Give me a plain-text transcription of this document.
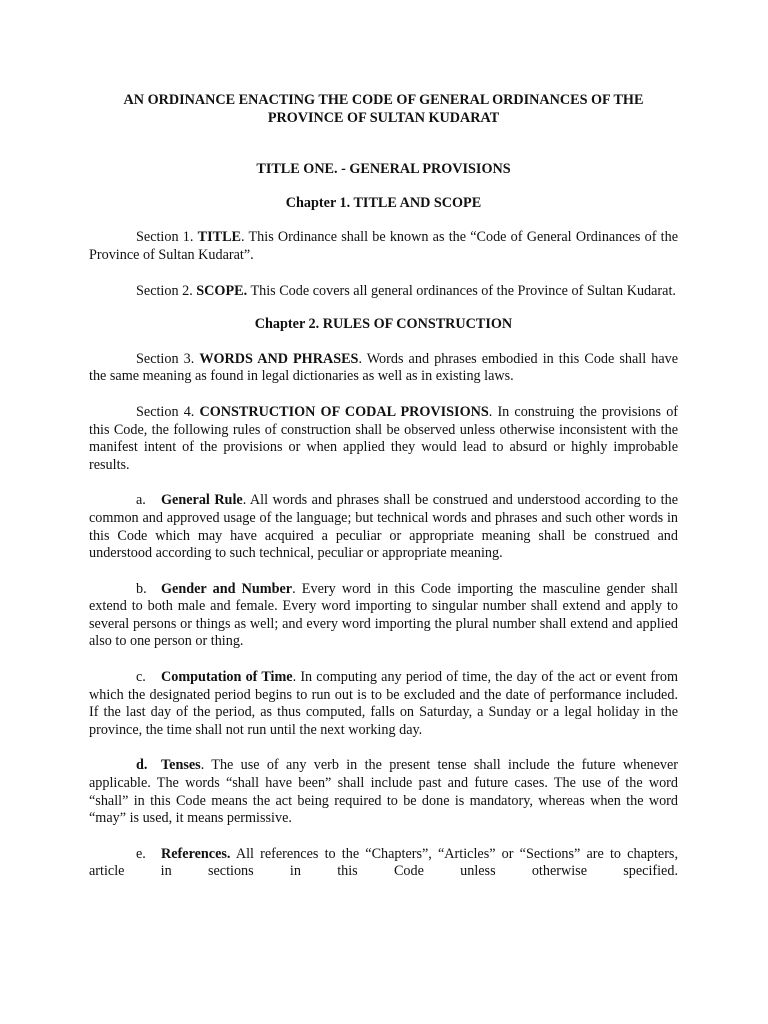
AN ORDINANCE ENACTING THE CODE OF GENERAL ORDINANCES OF THE
PROVINCE OF SULTAN KUDARAT
TITLE ONE. - GENERAL PROVISIONS
Chapter 1. TITLE AND SCOPE

Section 1. TITLE. This Ordinance shall be known as the “Code of General Ordinances of the Province of Sultan Kudarat”.

Section 2. SCOPE. This Code covers all general ordinances of the Province of Sultan Kudarat.

Chapter 2. RULES OF CONSTRUCTION

Section 3. WORDS AND PHRASES. Words and phrases embodied in this Code shall have the same meaning as found in legal dictionaries as well as in existing laws.

Section 4. CONSTRUCTION OF CODAL PROVISIONS. In construing the provisions of this Code, the following rules of construction shall be observed unless otherwise inconsistent with the manifest intent of the provisions or when applied they would lead to absurd or highly improbable results.

a. General Rule. All words and phrases shall be construed and understood according to the common and approved usage of the language; but technical words and phrases and such other words in this Code which may have acquired a peculiar or appropriate meaning shall be construed and understood according to such technical, peculiar or appropriate meaning.

b. Gender and Number. Every word in this Code importing the masculine gender shall extend to both male and female. Every word importing to singular number shall extend and apply to several persons or things as well; and every word importing the plural number shall extend and applied also to one person or thing.

c. Computation of Time. In computing any period of time, the day of the act or event from which the designated period begins to run out is to be excluded and the date of performance included. If the last day of the period, as thus computed, falls on Saturday, a Sunday or a legal holiday in the province, the time shall not run until the next working day.

d. Tenses. The use of any verb in the present tense shall include the future whenever applicable. The words “shall have been” shall include past and future cases. The use of the word “shall” in this Code means the act being required to be done is mandatory, whereas when the word “may” is used, it means permissive.

e. References. All references to the “Chapters”, “Articles” or “Sections” are to chapters, article in sections in this Code unless otherwise specified.
